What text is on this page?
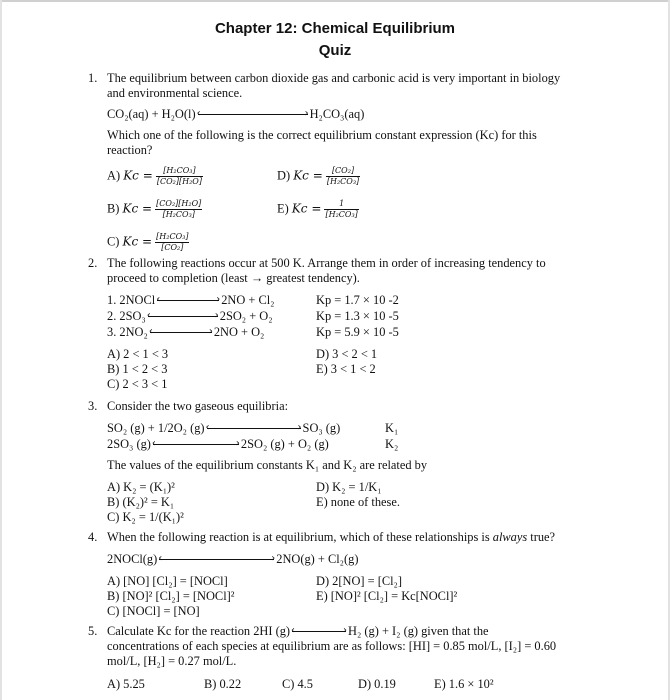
Chapter 12: Chemical Equilibrium
Quiz
1. The equilibrium between carbon dioxide gas and carbonic acid is very important in biology
and environmental science.
CO₂(aq) + H₂O(l) ‹	› H₂CO₃(aq)
Which one of the following is the correct equilibrium constant expression (Kc) for this
reaction?
A) $Kc = \frac{\text{[H₂CO₃]}}{\text{[CO₂][H₂O]}}$	D) $Kc = \frac{\text{[CO₂]}}{\text{[H₂CO₃]}}$
B) $Kc = \frac{\text{[CO₂][H₂O]}}{\text{[H₂CO₃]}}$	E) $Kc = \frac{1}{\text{[H₂CO₃]}}$
C) $Kc = \frac{\text{[H₂CO₃]}}{\text{[CO₂]}}$
2. The following reactions occur at 500 K. Arrange them in order of increasing tendency to
proceed to completion (least → greatest tendency).
1. 2NOCl ‹	› 2NO + Cl₂	Kp = 1.7 × 10 -2
2. 2SO₃ ‹	› 2SO₂ + O₂	Kp = 1.3 × 10 -5
3. 2NO₂ ‹	› 2NO + O₂	Kp = 5.9 × 10 -5
A) 2 < 1 < 3	D) 3 < 2 < 1
B) 1 < 2 < 3	E) 3 < 1 < 2
C) 2 < 3 < 1
3. Consider the two gaseous equilibria:
SO₂ (g) + 1/2O₂ (g) ‹	› SO₃ (g)	K₁
2SO₃ (g) ‹	› 2SO₂ (g) + O₂ (g)	K₂
The values of the equilibrium constants K₁ and K₂ are related by
A) K₂ = (K₁)²	D) K₂ = 1/K₁
B) (K₂)² = K₁	E) none of these.
C) K₂ = 1/(K₁)²
4. When the following reaction is at equilibrium, which of these relationships is always true?
2NOCl(g) ‹	› 2NO(g) + Cl₂(g)
A) [NO] [Cl₂] = [NOCl]	D) 2[NO] = [Cl₂]
B) [NO]² [Cl₂] = [NOCl]²	E) [NO]² [Cl₂] = Kc[NOCl]²
C) [NOCl] = [NO]
5. Calculate Kc for the reaction 2HI (g) ‹	› H₂ (g) + I₂ (g) given that the
concentrations of each species at equilibrium are as follows: [HI] = 0.85 mol/L, [I₂] = 0.60
mol/L, [H₂] = 0.27 mol/L.
A) 5.25	B) 0.22	C) 4.5	D) 0.19	E) 1.6 × 10²
